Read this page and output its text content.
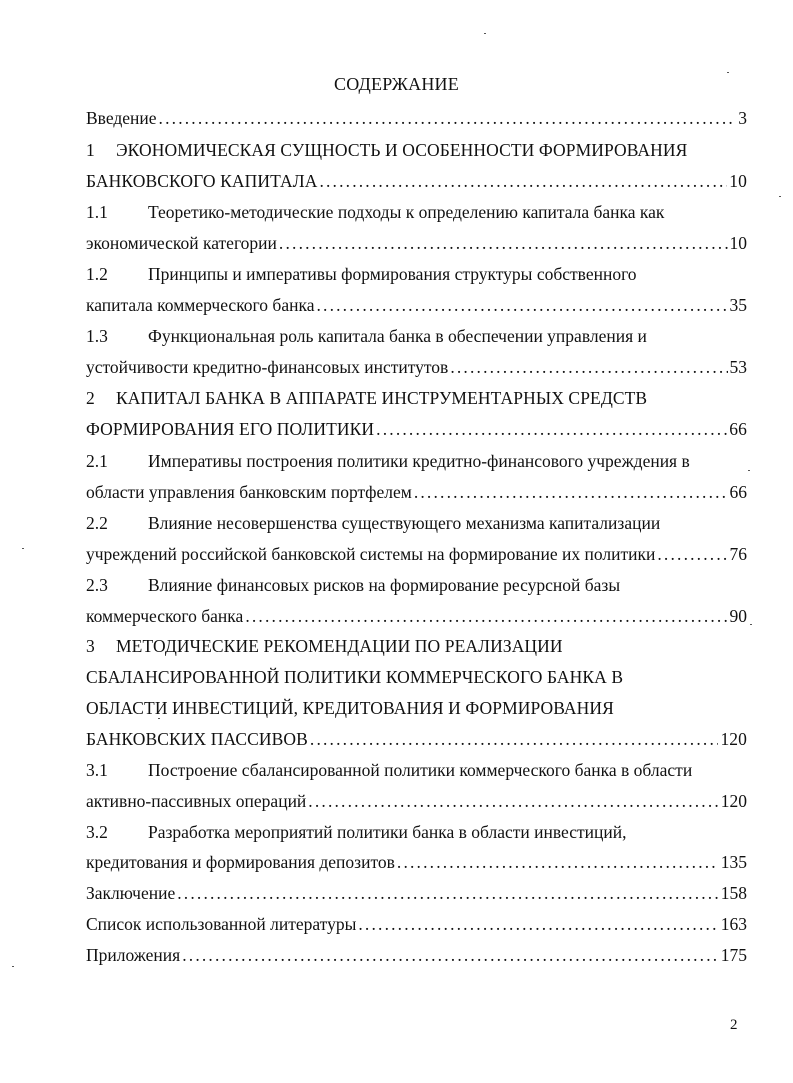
СОДЕРЖАНИЕ
Введение . . .	3
1 ЭКОНОМИЧЕСКАЯ СУЩНОСТЬ И ОСОБЕННОСТИ ФОРМИРОВАНИЯ
БАНКОВСКОГО КАПИТАЛА . . .	10
1.1 Теоретико-методические подходы к определению капитала банка как
экономической категории . . .	10
1.2 Принципы и императивы формирования структуры собственного
капитала коммерческого банка . . .	35
1.3 Функциональная роль капитала банка в обеспечении управления и
устойчивости кредитно-финансовых институтов . . .	53
2 КАПИТАЛ БАНКА В АППАРАТЕ ИНСТРУМЕНТАРНЫХ СРЕДСТВ
ФОРМИРОВАНИЯ ЕГО ПОЛИТИКИ . . .	66
2.1 Императивы построения политики кредитно-финансового учреждения в
области управления банковским портфелем . . .	66
2.2 Влияние несовершенства существующего механизма капитализации
учреждений российской банковской системы на формирование их политики . . .	76
2.3 Влияние финансовых рисков на формирование ресурсной базы
коммерческого банка . . .	90
3 МЕТОДИЧЕСКИЕ РЕКОМЕНДАЦИИ ПО РЕАЛИЗАЦИИ
СБАЛАНСИРОВАННОЙ ПОЛИТИКИ КОММЕРЧЕСКОГО БАНКА В
ОБЛАСТИ ИНВЕСТИЦИЙ, КРЕДИТОВАНИЯ И ФОРМИРОВАНИЯ
БАНКОВСКИХ ПАССИВОВ . . .	120
3.1 Построение сбалансированной политики коммерческого банка в области
активно-пассивных операций . . .	120
3.2 Разработка мероприятий политики банка в области инвестиций,
кредитования и формирования депозитов . . .	135
Заключение . . .	158
Список использованной литературы . . .	163
Приложения . . .	175
2
